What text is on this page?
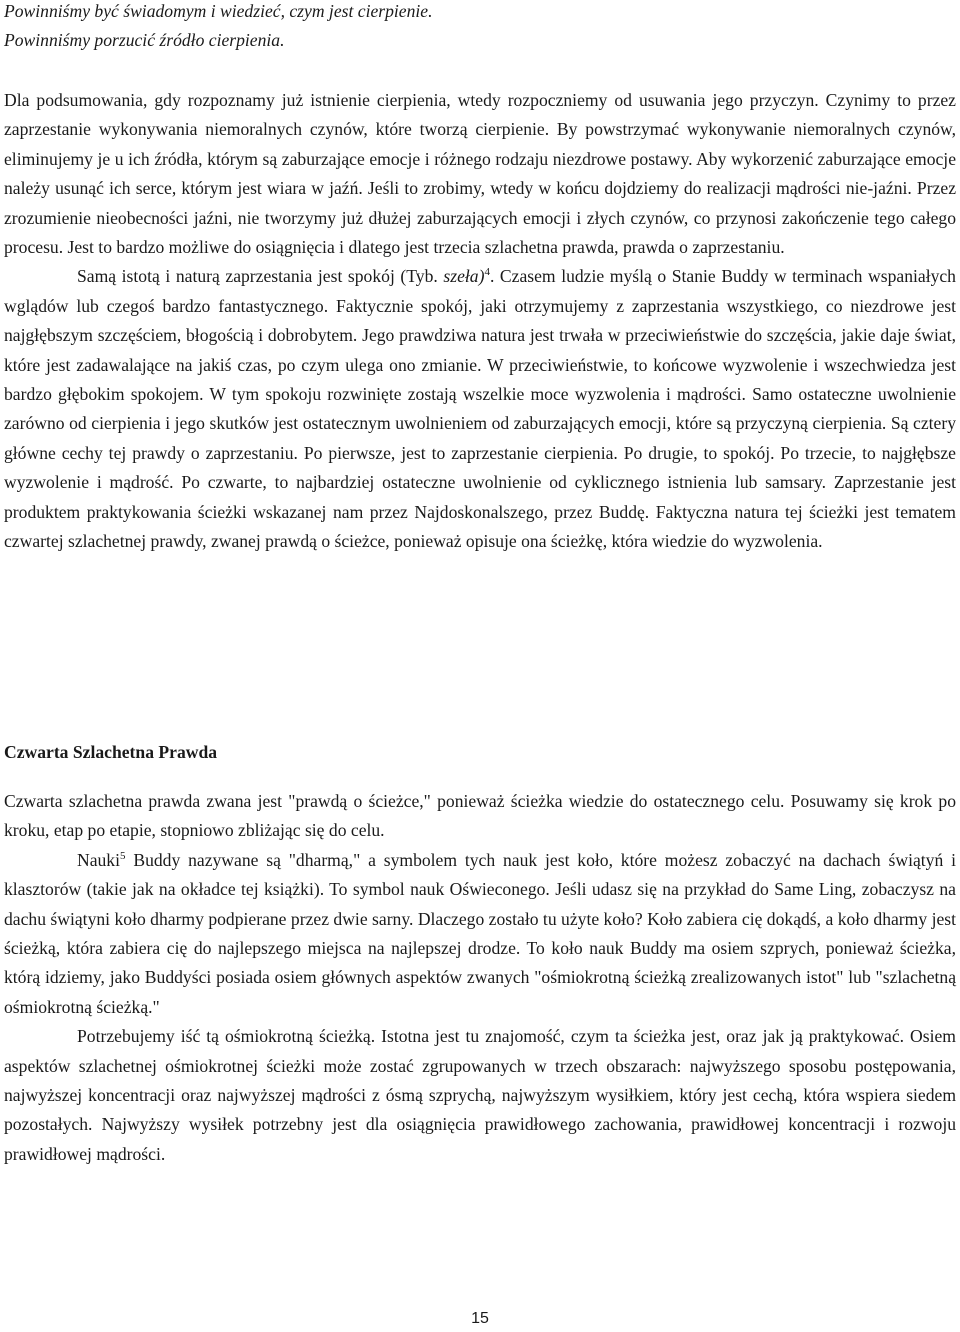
Powinniśmy być świadomym i wiedzieć, czym jest cierpienie.

Powinniśmy porzucić źródło cierpienia.

Dla podsumowania, gdy rozpoznamy już istnienie cierpienia, wtedy rozpoczniemy od usuwania jego przyczyn. Czynimy to przez zaprzestanie wykonywania niemoralnych czynów, które tworzą cierpienie. By powstrzymać wykonywanie niemoralnych czynów, eliminujemy je u ich źródła, którym są zaburzające emocje i różnego rodzaju niezdrowe postawy. Aby wykorzenić zaburzające emocje należy usunąć ich serce, którym jest wiara w jaźń. Jeśli to zrobimy, wtedy w końcu dojdziemy do realizacji mądrości nie-jaźni. Przez zrozumienie nieobecności jaźni, nie tworzymy już dłużej zaburzających emocji i złych czynów, co przynosi zakończenie tego całego procesu. Jest to bardzo możliwe do osiągnięcia i dlatego jest trzecia szlachetna prawda, prawda o zaprzestaniu.

Samą istotą i naturą zaprzestania jest spokój (Tyb. szeła)$^4$. Czasem ludzie myślą o Stanie Buddy w terminach wspaniałych wglądów lub czegoś bardzo fantastycznego. Faktycznie spokój, jaki otrzymujemy z zaprzestania wszystkiego, co niezdrowe jest najgłębszym szczęściem, błogością i dobrobytem. Jego prawdziwa natura jest trwała w przeciwieństwie do szczęścia, jakie daje świat, które jest zadawalające na jakiś czas, po czym ulega ono zmianie. W przeciwieństwie, to końcowe wyzwolenie i wszechwiedza jest bardzo głębokim spokojem. W tym spokoju rozwinięte zostają wszelkie moce wyzwolenia i mądrości. Samo ostateczne uwolnienie zarówno od cierpienia i jego skutków jest ostatecznym uwolnieniem od zaburzających emocji, które są przyczyną cierpienia. Są cztery główne cechy tej prawdy o zaprzestaniu. Po pierwsze, jest to zaprzestanie cierpienia. Po drugie, to spokój. Po trzecie, to najgłębsze wyzwolenie i mądrość. Po czwarte, to najbardziej ostateczne uwolnienie od cyklicznego istnienia lub samsary. Zaprzestanie jest produktem praktykowania ścieżki wskazanej nam przez Najdoskonalszego, przez Buddę. Faktyczna natura tej ścieżki jest tematem czwartej szlachetnej prawdy, zwanej prawdą o ścieżce, ponieważ opisuje ona ścieżkę, która wiedzie do wyzwolenia.

Czwarta Szlachetna Prawda

Czwarta szlachetna prawda zwana jest "prawdą o ścieżce," ponieważ ścieżka wiedzie do ostatecznego celu. Posuwamy się krok po kroku, etap po etapie, stopniowo zbliżając się do celu.

Nauki$^5$ Buddy nazywane są "dharmą," a symbolem tych nauk jest koło, które możesz zobaczyć na dachach świątyń i klasztorów (takie jak na okładce tej książki). To symbol nauk Oświeconego. Jeśli udasz się na przykład do Same Ling, zobaczysz na dachu świątyni koło dharmy podpierane przez dwie sarny. Dlaczego zostało tu użyte koło? Koło zabiera cię dokądś, a koło dharmy jest ścieżką, która zabiera cię do najlepszego miejsca na najlepszej drodze. To koło nauk Buddy ma osiem szprych, ponieważ ścieżka, którą idziemy, jako Buddyści posiada osiem głównych aspektów zwanych "ośmiokrotną ścieżką zrealizowanych istot" lub "szlachetną ośmiokrotną ścieżką."

Potrzebujemy iść tą ośmiokrotną ścieżką. Istotna jest tu znajomość, czym ta ścieżka jest, oraz jak ją praktykować. Osiem aspektów szlachetnej ośmiokrotnej ścieżki może zostać zgrupowanych w trzech obszarach: najwyższego sposobu postępowania, najwyższej koncentracji oraz najwyższej mądrości z ósmą szprychą, najwyższym wysiłkiem, który jest cechą, która wspiera siedem pozostałych. Najwyższy wysiłek potrzebny jest dla osiągnięcia prawidłowego zachowania, prawidłowej koncentracji i rozwoju prawidłowej mądrości.

15
